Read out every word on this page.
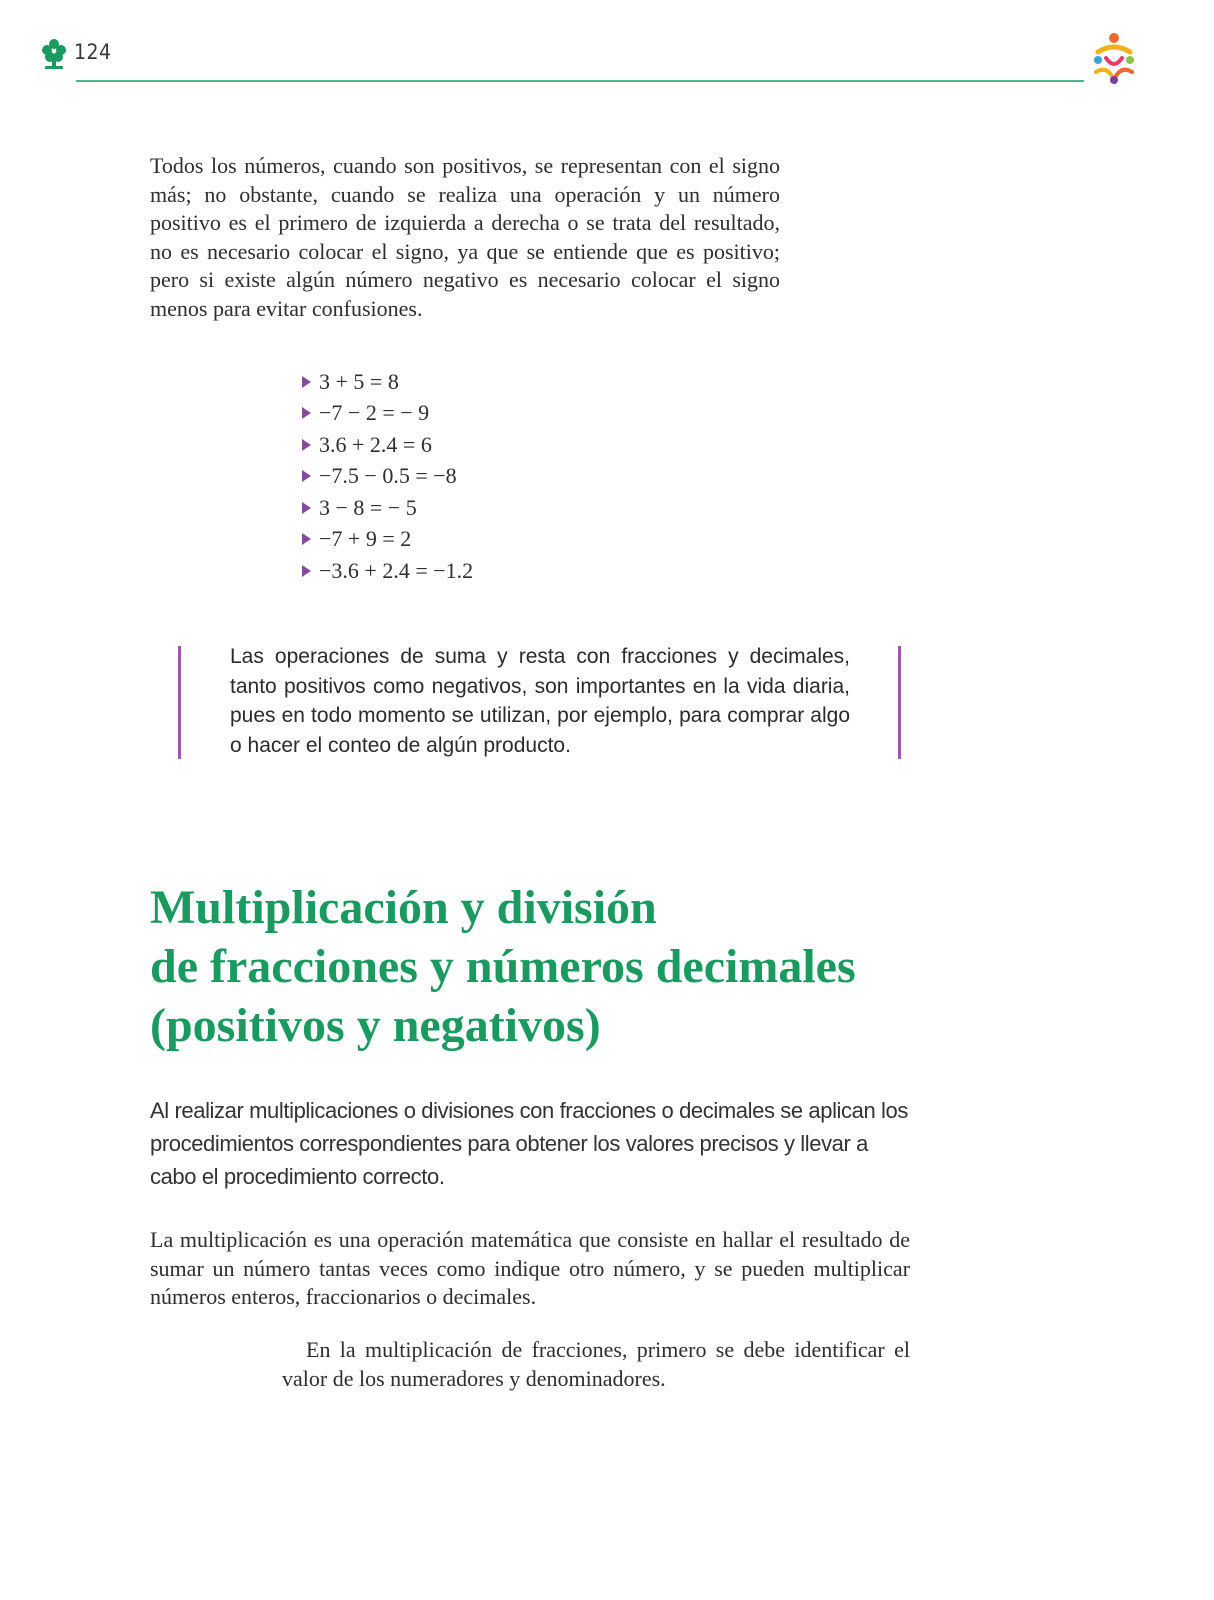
124

Todos los números, cuando son positivos, se representan con el signo más; no obstante, cuando se realiza una operación y un número positivo es el primero de izquierda a derecha o se trata del resultado, no es necesario colocar el signo, ya que se entiende que es positivo; pero si existe algún número negativo es necesario colocar el signo menos para evitar confusiones.

3 + 5 = 8
−7 − 2 = − 9
3.6 + 2.4 = 6
−7.5 − 0.5 = −8
3 − 8 = − 5
−7 + 9 = 2
−3.6 + 2.4 = −1.2

Las operaciones de suma y resta con fracciones y decimales, tanto positivos como negativos, son importantes en la vida diaria, pues en todo momento se utilizan, por ejemplo, para comprar algo o hacer el conteo de algún producto.

Multiplicación y división
de fracciones y números decimales
(positivos y negativos)

Al realizar multiplicaciones o divisiones con fracciones o decimales se aplican los procedimientos correspondientes para obtener los valores precisos y llevar a cabo el procedimiento correcto.

La multiplicación es una operación matemática que consiste en hallar el resultado de sumar un número tantas veces como indique otro número, y se pueden multiplicar números enteros, fraccionarios o decimales.

En la multiplicación de fracciones, primero se debe identificar el valor de los numeradores y denominadores.
